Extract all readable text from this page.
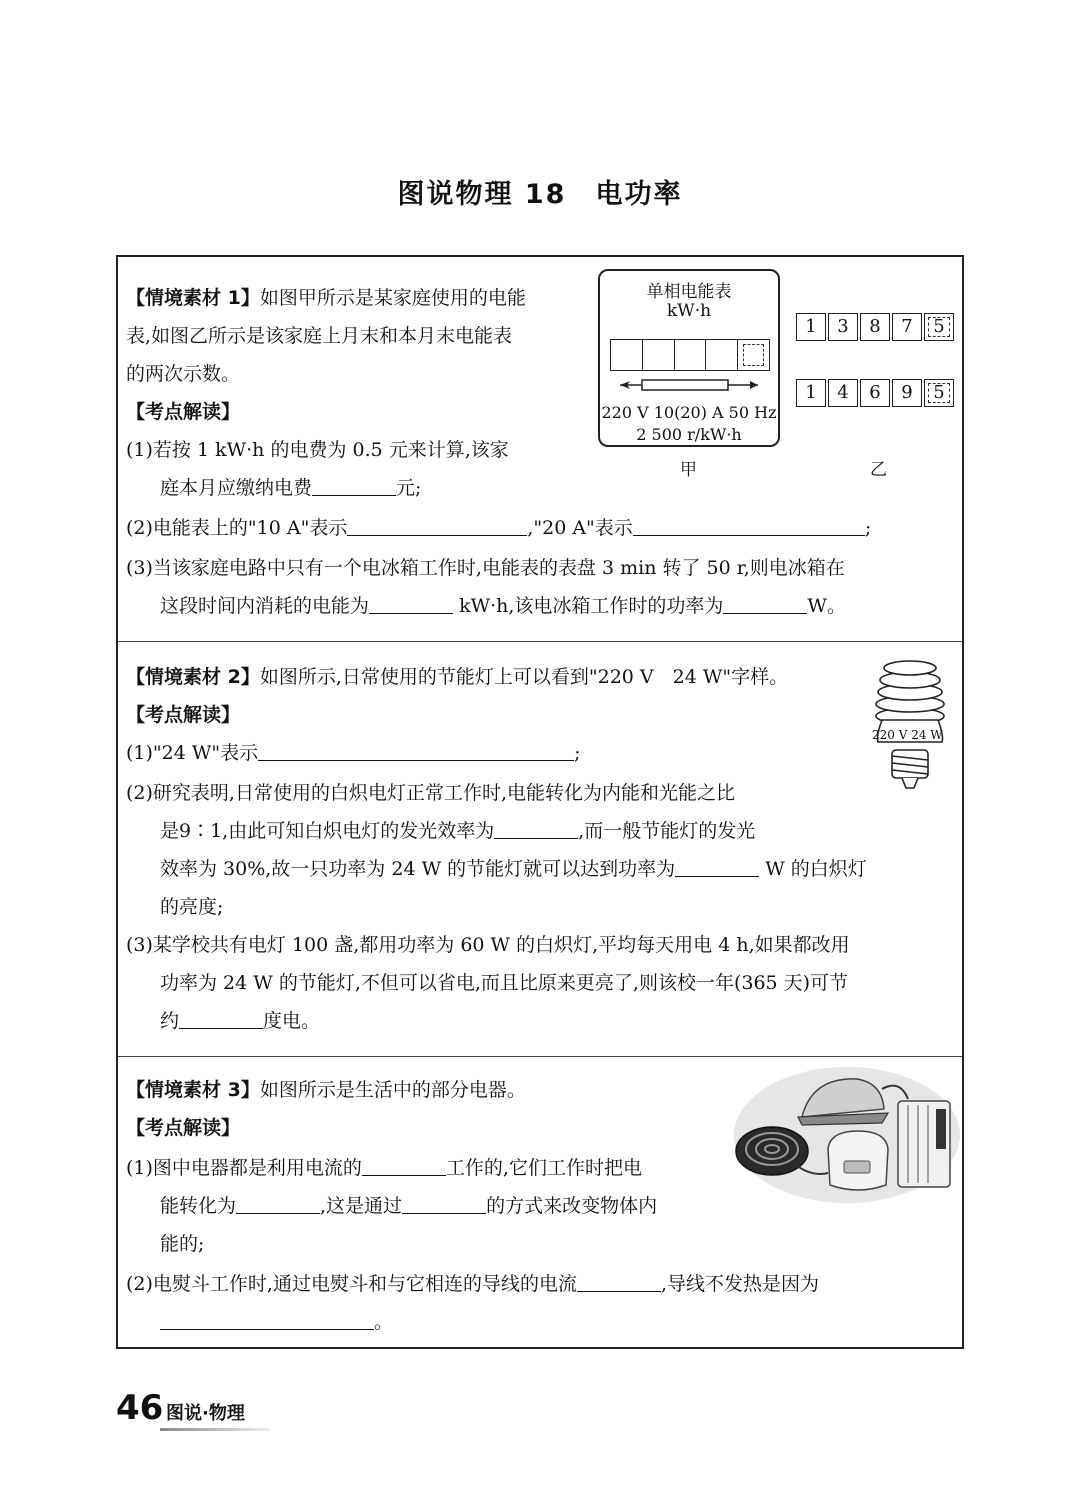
图说物理 18　电功率
【情境素材 1】如图甲所示是某家庭使用的电能
表,如图乙所示是该家庭上月末和本月末电能表
的两次示数。
【考点解读】
(1)若按 1 kW·h 的电费为 0.5 元来计算,该家
庭本月应缴纳电费	元;
(2)电能表上的"10 A"表示	,"20 A"表示	;
(3)当该家庭电路中只有一个电冰箱工作时,电能表的表盘 3 min 转了 50 r,则电冰箱在
这段时间内消耗的电能为	kW·h,该电冰箱工作时的功率为	W。
单相电能表
kW·h
220 V 10(20) A 50 Hz
2 500 r/kW·h
甲
1	3	8	7	5
1	4	6	9	5
乙
【情境素材 2】如图所示,日常使用的节能灯上可以看到"220 V　24 W"字样。
【考点解读】
(1)"24 W"表示	;
(2)研究表明,日常使用的白炽电灯正常工作时,电能转化为内能和光能之比
是9∶1,由此可知白炽电灯的发光效率为	,而一般节能灯的发光
效率为 30%,故一只功率为 24 W 的节能灯就可以达到功率为	W 的白炽灯
的亮度;
(3)某学校共有电灯 100 盏,都用功率为 60 W 的白炽灯,平均每天用电 4 h,如果都改用
功率为 24 W 的节能灯,不但可以省电,而且比原来更亮了,则该校一年(365 天)可节
约	度电。
220 V 24 W
【情境素材 3】如图所示是生活中的部分电器。
【考点解读】
(1)图中电器都是利用电流的	工作的,它们工作时把电
能转化为	,这是通过	的方式来改变物体内
能的;
(2)电熨斗工作时,通过电熨斗和与它相连的导线的电流	,导线不发热是因为
。
46 图说·物理
